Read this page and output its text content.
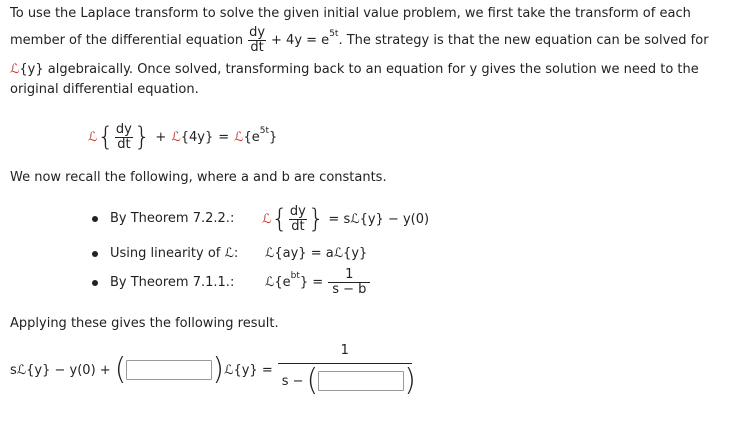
To use the Laplace transform to solve the given initial value problem, we first take the transform of each
member of the differential equation $\frac{dy}{dt} + 4y = e$ 5t . The strategy is that the new equation can be solved for
ℒ{y} algebraically. Once solved, transforming back to an equation for y gives the solution we need to the
original differential equation.
ℒ { $\frac{dy}{dt}$ } + ℒ {4y} = ℒ {e 5t }
We now recall the following, where a and b are constants.
By Theorem 7.2.2.: ℒ { $\frac{dy}{dt}$ } = sℒ{y} − y(0)
Using linearity of ℒ: ℒ{ay} = aℒ{y}
By Theorem 7.1.1.: ℒ{e bt } = $\frac{1}{s - b}$
Applying these gives the following result.
sℒ{y} − y(0) + (	) ℒ{y} = 1
s − (	)
